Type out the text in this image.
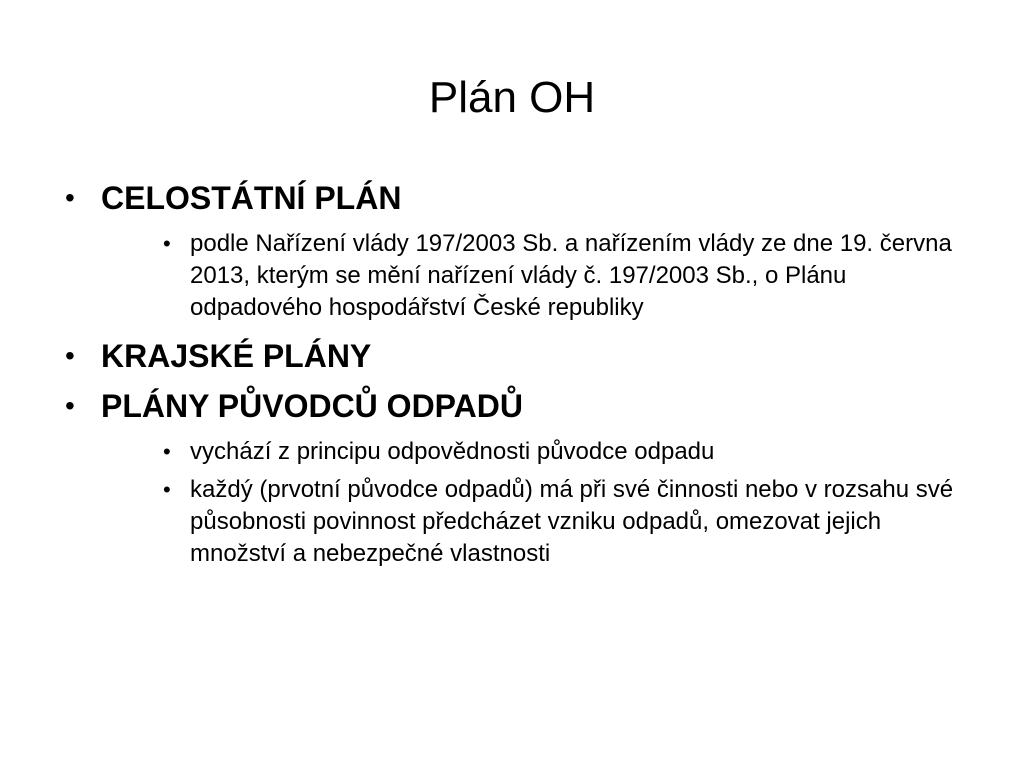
Plán OH
• CELOSTÁTNÍ PLÁN
• podle Nařízení vlády 197/2003 Sb. a nařízením vlády ze dne 19. června 2013, kterým se mění nařízení vlády č. 197/2003 Sb., o Plánu odpadového hospodářství České republiky
• KRAJSKÉ PLÁNY
• PLÁNY PŮVODCŮ ODPADŮ
• vychází z principu odpovědnosti původce odpadu
• každý (prvotní původce odpadů) má při své činnosti nebo v rozsahu své působnosti povinnost předcházet vzniku odpadů, omezovat jejich množství a nebezpečné vlastnosti
